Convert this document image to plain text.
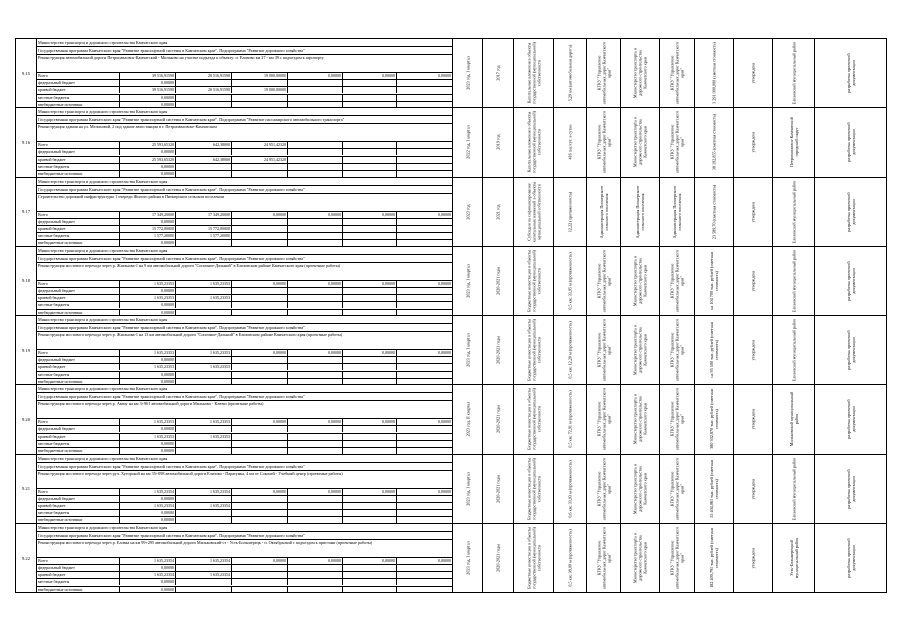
9.15
Министерство транспорта и дорожного строительства Камчатского края
Государственная программа Камчатского края "Развитие транспортной системы в Камчатском крае". Подпрограмма "Развитие дорожного хозяйства"
Реконструкция автомобильной дороги Петропавловск-Камчатский - Мильково на участке подъезда к объекту: п. Елизово км 27 - км 39 с подъездом к аэропорту
Всего	39 516,91590	20 516,91590	19 000,00000	0,00000	0,00000	0,00000
федеральный бюджет	0,00000
краевой бюджет	39 516,91590	20 516,91590	19 000,00000
местные бюджеты	0,00000
внебюджетные источники	0,00000
2023 год, I квартал	2017 год	Капитальные вложения в объекты государственной (муниципальной) собственности	5,29 км (автомобильная дорога)	КГКУ "Управление автомобильных дорог Камчатского края"	Министерство транспорта и дорожного строительства Камчатского края	КГКУ "Управление автомобильных дорог Камчатского края"	3 291 000,000 (сметная стоимость)	утверждена	Елизовский муниципальный район	разработка проектной документации
9.16
Министерство транспорта и дорожного строительства Камчатского края
Государственная программа Камчатского края "Развитие транспортной системы в Камчатском крае". Подпрограмма "Развитие пассажирского автомобильного транспорта"
Реконструкция здания на ул. Мелиховой, 2 под здание автостанции в г. Петропавловске-Камчатском
Всего	25 593,65320	642,38000	24 951,42320
федеральный бюджет	0,00000
краевой бюджет	25 593,65320	642,38000	24 951,42320
местные бюджеты	0,00000
внебюджетные источники	0,00000
2022 год, I квартал	2019 год	Капитальные вложения в объекты государственной (муниципальной) собственности	416 пас/сут. в сутки	КГКУ "Управление автомобильных дорог Камчатского края"	Министерство транспорта и дорожного строительства Камчатского края	КГКУ "Управление автомобильных дорог Камчатского края"	38 192,855 (сметная стоимость)	утверждена	Петропавловск-Камчатский городской округ	разработка проектной документации
9.17
Министерство транспорта и дорожного строительства Камчатского края
Государственная программа Камчатского края "Развитие транспортной системы в Камчатском крае". Подпрограмма "Развитие дорожного хозяйства"
Строительство дорожной инфраструктуры 1 очереди Жилого района в Пионерском сельском поселении
Всего	17 349,20000	17 349,20000	0,00000	0,00000	0,00000	0,00000
федеральный бюджет	0,00000
краевой бюджет	15 772,00000	15 772,00000
местные бюджеты	1 577,20000	1 577,20000
внебюджетные источники	0,00000
2023 год	2021 год	Субсидии на софинансирование капитальных вложений в объекты муниципальной собственности	12,22 (протяженность)	Администрация Пионерского сельского поселения	Администрация Пионерского сельского поселения	Администрация Пионерского сельского поселения	23 589,70 (сметная стоимость)	утверждена	Елизовский муниципальный район	разработка проектной документации
9.18
Министерство транспорта и дорожного строительства Камчатского края
Государственная программа Камчатского края "Развитие транспортной системы в Камчатском крае". Подпрограмма "Развитие дорожного хозяйства"
Реконструкция мостового перехода через р. Жиганова-1 на 9 км автомобильной дороги "Сопочное-Дальний" в Елизовском районе Камчатского края (проектные работы)
Всего	1 635,23353	1 635,23353	0,00000	0,00000	0,00000	0,00000
федеральный бюджет	0,00000
краевой бюджет	1 635,23353	1 635,23353
местные бюджеты	0,00000
внебюджетные источники	0,00000
2023 год, I квартал	2020-2021 годы	Бюджетные инвестиции в объекты государственной (муниципальной) собственности	0,5 км; 33,95 м (протяженность)	КГКУ "Управление автомобильных дорог Камчатского края"	Министерство транспорта и дорожного строительства Камчатского края	КГКУ "Управление автомобильных дорог Камчатского края"	на 104 700 тыс. рублей (сметная стоимость)	утверждена	Елизовский муниципальный район	разработка проектной документации
9.19
Министерство транспорта и дорожного строительства Камчатского края
Государственная программа Камчатского края "Развитие транспортной системы в Камчатском крае". Подпрограмма "Развитие дорожного хозяйства"
Реконструкция мостового перехода через р. Жиганова-1 на 13 км автомобильной дороги "Сопочное-Дальний" в Елизовском районе Камчатского края (проектные работы)
Всего	1 635,23353	1 635,23353	0,00000	0,00000	0,00000	0,00000
федеральный бюджет	0,00000
краевой бюджет	1 635,23353	1 635,23353
местные бюджеты	0,00000
внебюджетные источники	0,00000
2023 год, I квартал	2020-2021 годы	Бюджетные инвестиции в объекты государственной (муниципальной) собственности	0,5 км; 12,20 м (протяженность)	КГКУ "Управление автомобильных дорог Камчатского края"	Министерство транспорта и дорожного строительства Камчатского края	КГКУ "Управление автомобильных дорог Камчатского края"	на 95 500 тыс. рублей (сметная стоимость)	утверждена	Елизовский муниципальный район	разработка проектной документации
9.20
Министерство транспорта и дорожного строительства Камчатского края
Государственная программа Камчатского края "Развитие транспортной системы в Камчатском крае". Подпрограмма "Развитие дорожного хозяйства"
Реконструкция мостового перехода через р. Авачу на км 3+961 автомобильной дороги Мильково - Ключи (проектные работы)
Всего	1 635,23353	1 635,23353	0,00000	0,00000	0,00000	0,00000
федеральный бюджет	0,00000
краевой бюджет	1 635,23353	1 635,23353
местные бюджеты	0,00000
внебюджетные источники	0,00000
2023 год, II квартал	2020-2021 годы	Бюджетные инвестиции в объекты государственной (муниципальной) собственности	0,5 км; 72,91 м (протяженность)	КГКУ "Управление автомобильных дорог Камчатского края"	Министерство транспорта и дорожного строительства Камчатского края	КГКУ "Управление автомобильных дорог Камчатского края"	380 302,870 тыс. рублей (сметная стоимость)	утверждена	Мильковский муниципальный район	разработка проектной документации
9.21
Министерство транспорта и дорожного строительства Камчатского края
Государственная программа Камчатского края "Развитие транспортной системы в Камчатском крае". Подпрограмма "Развитие дорожного хозяйства"
Реконструкция мостового перехода через руч. Хуторской на км 35+098 автомобильной дороги Елизово - Паратунка, 4 км от Сокочей - Учебный центр (проектные работы)
Всего	1 635,23354	1 635,23354	0,00000	0,00000	0,00000	0,00000
федеральный бюджет	0,00000
краевой бюджет	1 635,23354	1 635,23354
местные бюджеты	0,00000
внебюджетные источники	0,00000
2023 год, I квартал	2020-2021 годы	Бюджетные инвестиции в объекты государственной (муниципальной) собственности	0,6 км; 33,93 м (протяженность)	КГКУ "Управление автомобильных дорог Камчатского края"	Министерство транспорта и дорожного строительства Камчатского края	КГКУ "Управление автомобильных дорог Камчатского края"	55 404,061 тыс. рублей (сметная стоимость)	утверждена	Елизовский муниципальный район	разработка проектной документации
9.22
Министерство транспорта и дорожного строительства Камчатского края
Государственная программа Камчатского края "Развитие транспортной системы в Камчатском крае". Подпрограмма "Развитие дорожного хозяйства"
Реконструкция мостового перехода через р. Еловка на км 99+295 автомобильной дороги Мильковский-ст - Усть-Большерецк - п. Октябрьский с подъездом к пристани (проектные работы)
Всего	1 635,23354	1 635,23354	0,00000	0,00000	0,00000	0,00000
федеральный бюджет	0,00000
краевой бюджет	1 635,23354	1 635,23354
местные бюджеты	0,00000
внебюджетные источники	0,00000
2023 год, I квартал	2020-2021 годы	Бюджетные инвестиции в объекты государственной (муниципальной) собственности	0,5 км; 38,00 м (протяженность)	КГКУ "Управление автомобильных дорог Камчатского края"	Министерство транспорта и дорожного строительства Камчатского края	КГКУ "Управление автомобильных дорог Камчатского края"	182 400,791 тыс. рублей (сметная стоимость)	утверждена	Усть-Большерецкий муниципальный район	разработка проектной документации
